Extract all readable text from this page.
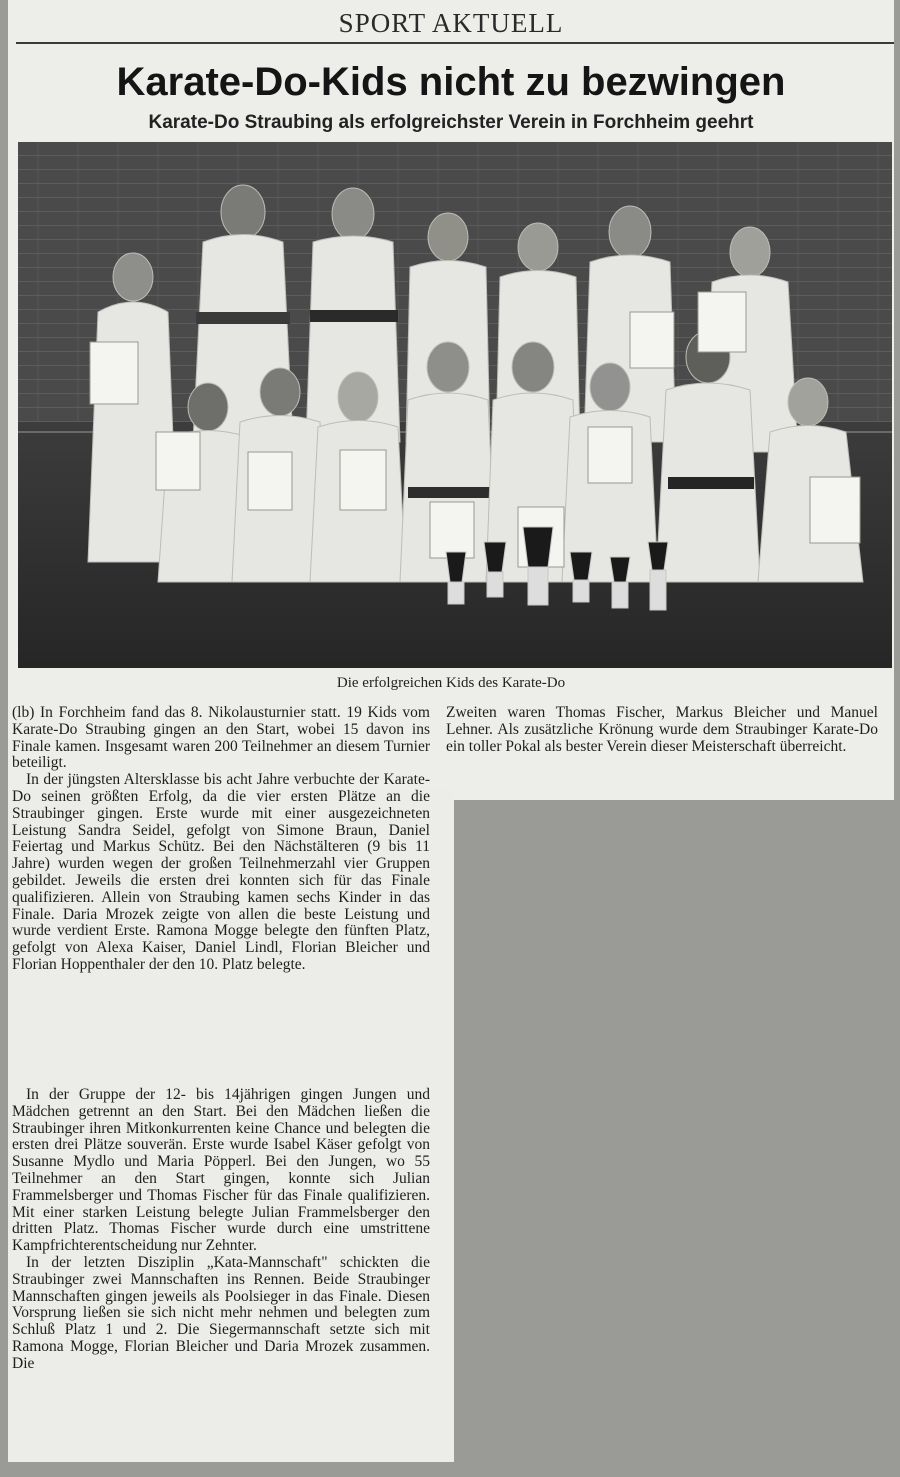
SPORT AKTUELL
Karate-Do-Kids nicht zu bezwingen
Karate-Do Straubing als erfolgreichster Verein in Forchheim geehrt
Die erfolgreichen Kids des Karate-Do

(lb) In Forchheim fand das 8. Nikolausturnier statt. 19 Kids vom Karate-Do Straubing gingen an den Start, wobei 15 davon ins Finale kamen. Insgesamt waren 200 Teilnehmer an diesem Turnier beteiligt.

In der jüngsten Altersklasse bis acht Jahre verbuchte der Karate-Do seinen größten Erfolg, da die vier ersten Plätze an die Straubinger gingen. Erste wurde mit einer ausgezeichneten Leistung Sandra Seidel, gefolgt von Simone Braun, Daniel Feiertag und Markus Schütz. Bei den Nächstälteren (9 bis 11 Jahre) wurden wegen der großen Teilnehmerzahl vier Gruppen gebildet. Jeweils die ersten drei konnten sich für das Finale qualifizieren. Allein von Straubing kamen sechs Kinder in das Finale. Daria Mrozek zeigte von allen die beste Leistung und wurde verdient Erste. Ramona Mogge belegte den fünften Platz, gefolgt von Alexa Kaiser, Daniel Lindl, Florian Bleicher und Florian Hoppenthaler der den 10. Platz belegte.

In der Gruppe der 12- bis 14jährigen gingen Jungen und Mädchen getrennt an den Start. Bei den Mädchen ließen die Straubinger ihren Mitkonkurrenten keine Chance und belegten die ersten drei Plätze souverän. Erste wurde Isabel Käser gefolgt von Susanne Mydlo und Maria Pöpperl. Bei den Jungen, wo 55 Teilnehmer an den Start gingen, konnte sich Julian Frammelsberger und Thomas Fischer für das Finale qualifizieren. Mit einer starken Leistung belegte Julian Frammelsberger den dritten Platz. Thomas Fischer wurde durch eine umstrittene Kampfrichterentscheidung nur Zehnter.

In der letzten Disziplin „Kata-Mannschaft" schickten die Straubinger zwei Mannschaften ins Rennen. Beide Straubinger Mannschaften gingen jeweils als Poolsieger in das Finale. Diesen Vorsprung ließen sie sich nicht mehr nehmen und belegten zum Schluß Platz 1 und 2. Die Siegermannschaft setzte sich mit Ramona Mogge, Florian Bleicher und Daria Mrozek zusammen. Die

Zweiten waren Thomas Fischer, Markus Bleicher und Manuel Lehner. Als zusätzliche Krönung wurde dem Straubinger Karate-Do ein toller Pokal als bester Verein dieser Meisterschaft überreicht.
